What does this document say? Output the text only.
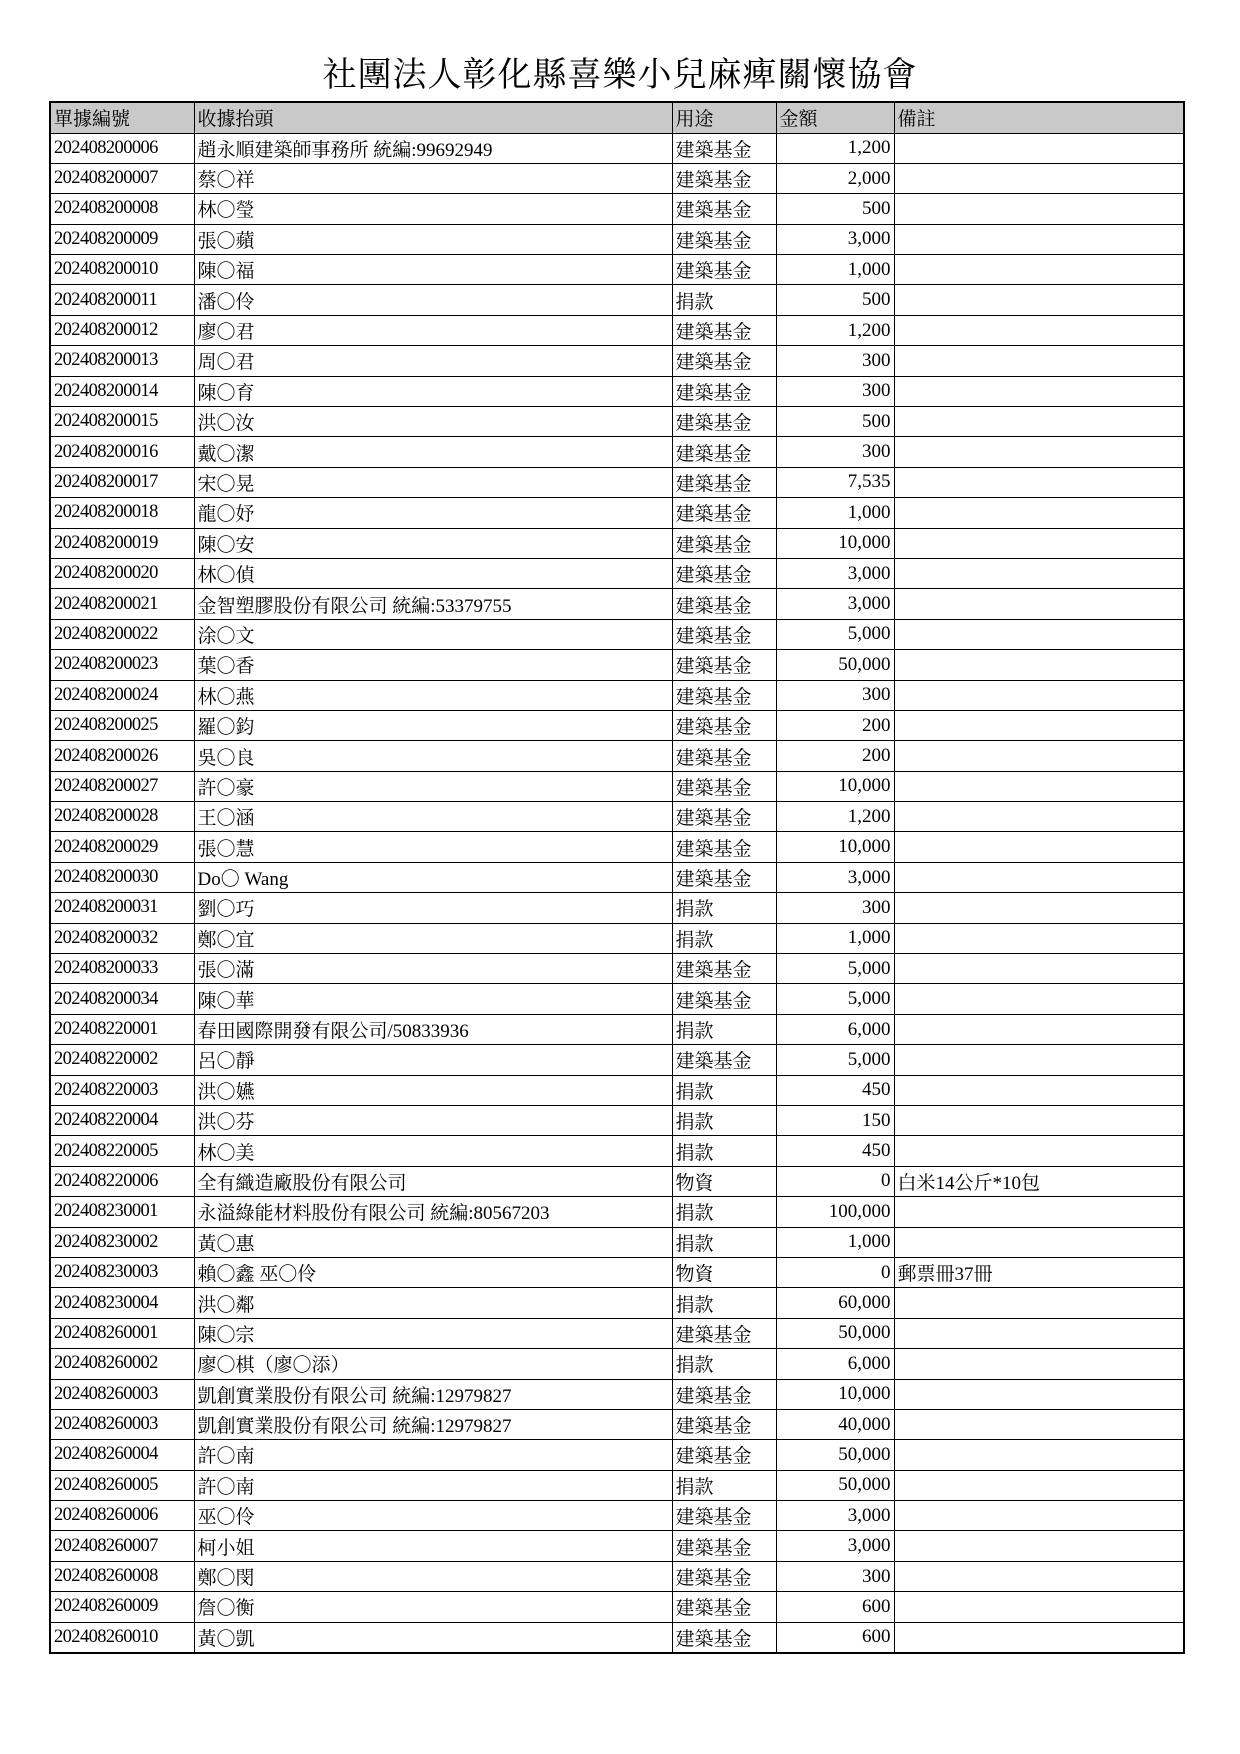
社團法人彰化縣喜樂小兒麻痺關懷協會
單據編號	收據抬頭	用途	金額	備註
202408200006	趙永順建築師事務所 統編:99692949	建築基金	1,200	
202408200007	蔡〇祥	建築基金	2,000	
202408200008	林〇瑩	建築基金	500	
202408200009	張〇蘋	建築基金	3,000	
202408200010	陳〇福	建築基金	1,000	
202408200011	潘〇伶	捐款	500	
202408200012	廖〇君	建築基金	1,200	
202408200013	周〇君	建築基金	300	
202408200014	陳〇育	建築基金	300	
202408200015	洪〇汝	建築基金	500	
202408200016	戴〇潔	建築基金	300	
202408200017	宋〇晃	建築基金	7,535	
202408200018	龍〇妤	建築基金	1,000	
202408200019	陳〇安	建築基金	10,000	
202408200020	林〇偵	建築基金	3,000	
202408200021	金智塑膠股份有限公司 統編:53379755	建築基金	3,000	
202408200022	涂〇文	建築基金	5,000	
202408200023	葉〇香	建築基金	50,000	
202408200024	林〇燕	建築基金	300	
202408200025	羅〇鈞	建築基金	200	
202408200026	吳〇良	建築基金	200	
202408200027	許〇豪	建築基金	10,000	
202408200028	王〇涵	建築基金	1,200	
202408200029	張〇慧	建築基金	10,000	
202408200030	Do〇 Wang	建築基金	3,000	
202408200031	劉〇巧	捐款	300	
202408200032	鄭〇宜	捐款	1,000	
202408200033	張〇滿	建築基金	5,000	
202408200034	陳〇華	建築基金	5,000	
202408220001	春田國際開發有限公司/50833936	捐款	6,000	
202408220002	呂〇靜	建築基金	5,000	
202408220003	洪〇嬿	捐款	450	
202408220004	洪〇芬	捐款	150	
202408220005	林〇美	捐款	450	
202408220006	全有織造廠股份有限公司	物資	0	白米14公斤*10包
202408230001	永溢綠能材料股份有限公司 統編:80567203	捐款	100,000	
202408230002	黃〇惠	捐款	1,000	
202408230003	賴〇鑫 巫〇伶	物資	0	郵票冊37冊
202408230004	洪〇鄰	捐款	60,000	
202408260001	陳〇宗	建築基金	50,000	
202408260002	廖〇棋（廖〇添）	捐款	6,000	
202408260003	凱創實業股份有限公司 統編:12979827	建築基金	10,000	
202408260003	凱創實業股份有限公司 統編:12979827	建築基金	40,000	
202408260004	許〇南	建築基金	50,000	
202408260005	許〇南	捐款	50,000	
202408260006	巫〇伶	建築基金	3,000	
202408260007	柯小姐	建築基金	3,000	
202408260008	鄭〇閔	建築基金	300	
202408260009	詹〇衡	建築基金	600	
202408260010	黃〇凱	建築基金	600	
